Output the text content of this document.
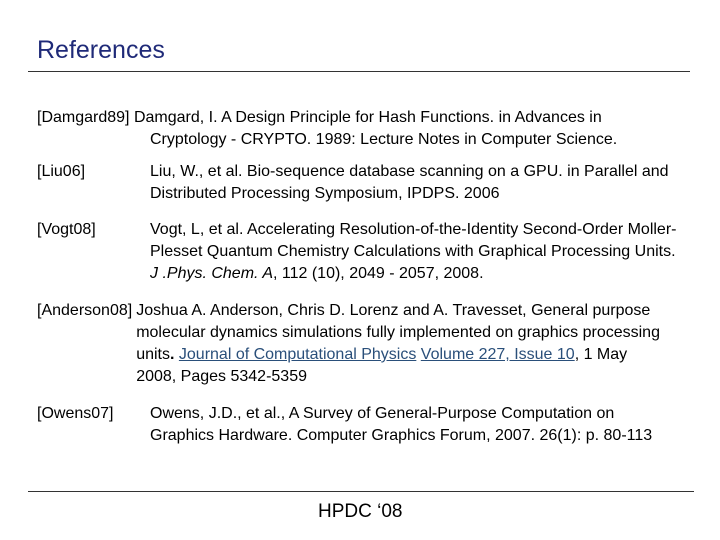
References
[Damgard89] Damgard, I. A Design Principle for Hash Functions. in Advances in
Cryptology - CRYPTO. 1989: Lecture Notes in Computer Science.
[Liu06]	Liu, W., et al. Bio-sequence database scanning on a GPU. in Parallel and Distributed Processing Symposium, IPDPS. 2006
[Vogt08]	Vogt, L, et al. Accelerating Resolution-of-the-Identity Second-Order Moller-Plesset Quantum Chemistry Calculations with Graphical Processing Units. J .Phys. Chem. A, 112 (10), 2049 - 2057, 2008.
[Anderson08] Joshua A. Anderson, Chris D. Lorenz and A. Travesset, General purpose molecular dynamics simulations fully implemented on graphics processing units. Journal of Computational Physics Volume 227, Issue 10, 1 May 2008, Pages 5342-5359
[Owens07]	Owens, J.D., et al., A Survey of General-Purpose Computation on Graphics Hardware. Computer Graphics Forum, 2007. 26(1): p. 80-113
HPDC ‘08
